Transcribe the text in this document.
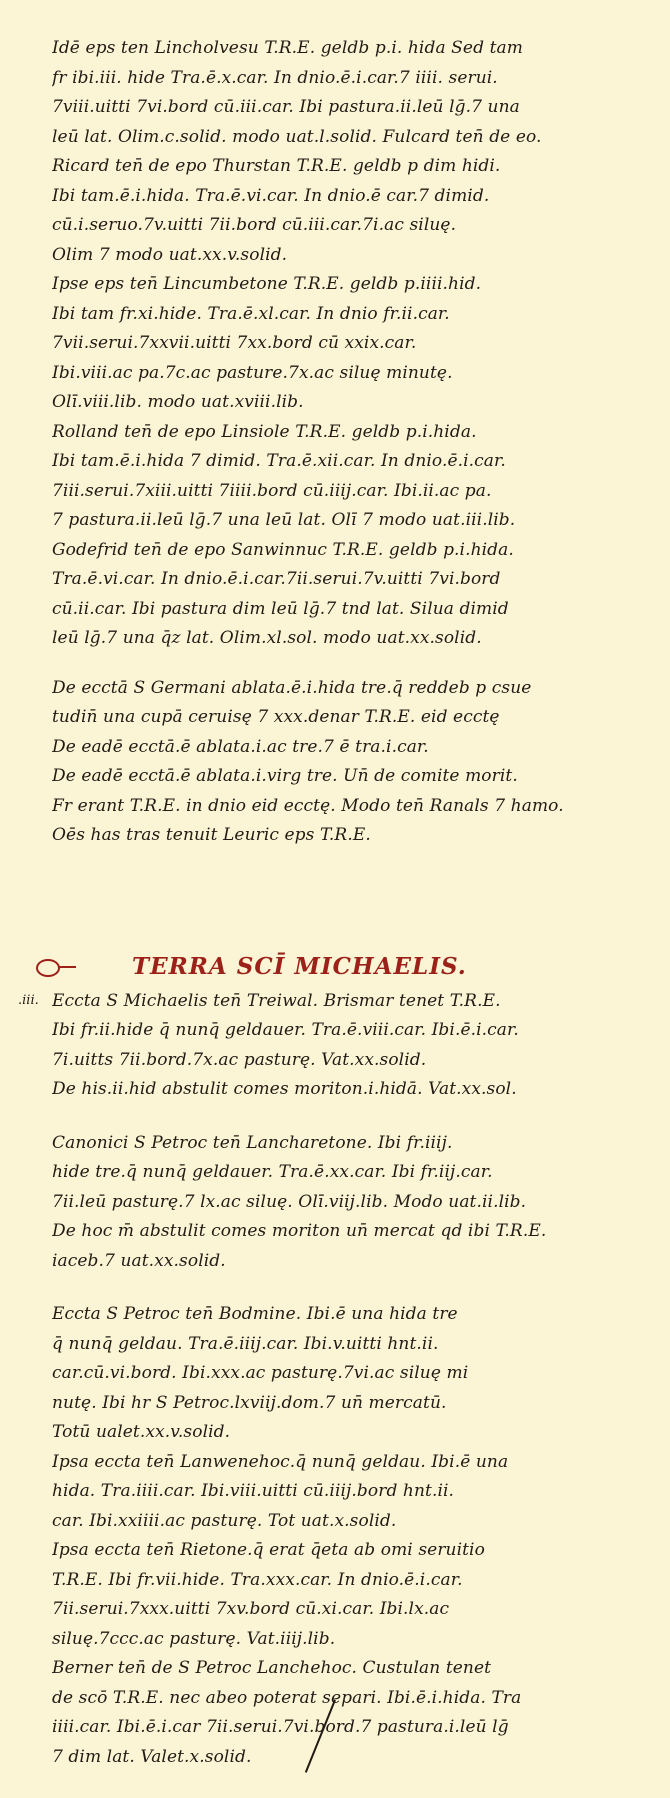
Idē eps ten Lincholvesu T.R.E. geldb p.i. hida Sed tam
fr ibi.iii. hide Tra.ē.x.car. In dnio.ē.i.car.7 iiii. serui.
7viii.uitti 7vi.bord cū.iii.car. Ibi pastura.ii.leū lḡ.7 una
leū lat. Olim.c.solid. modo uat.l.solid. Fulcard ten̄ de eo.
Ricard ten̄ de epo Thurstan T.R.E. geldb p dim hidi.
Ibi tam.ē.i.hida. Tra.ē.vi.car. In dnio.ē car.7 dimid.
cū.i.seruo.7v.uitti 7ii.bord cū.iii.car.7i.ac siluę.
Olim 7 modo uat.xx.v.solid.
Ipse eps ten̄ Lincumbetone T.R.E. geldb p.iiii.hid.
Ibi tam fr.xi.hide. Tra.ē.xl.car. In dnio fr.ii.car.
7vii.serui.7xxvii.uitti 7xx.bord cū xxix.car.
Ibi.viii.ac pa.7c.ac pasture.7x.ac siluę minutę.
Olī.viii.lib. modo uat.xviii.lib.
Rolland ten̄ de epo Linsiole T.R.E. geldb p.i.hida.
Ibi tam.ē.i.hida 7 dimid. Tra.ē.xii.car. In dnio.ē.i.car.
7iii.serui.7xiii.uitti 7iiii.bord cū.iiij.car. Ibi.ii.ac pa.
7 pastura.ii.leū lḡ.7 una leū lat. Olī 7 modo uat.iii.lib.
Godefrid ten̄ de epo Sanwinnuc T.R.E. geldb p.i.hida.
Tra.ē.vi.car. In dnio.ē.i.car.7ii.serui.7v.uitti 7vi.bord
cū.ii.car. Ibi pastura dim leū lḡ.7 tnd lat. Silua dimid
leū lḡ.7 una q̄z lat. Olim.xl.sol. modo uat.xx.solid.
De ecctā S Germani ablata.ē.i.hida tre.q̄ reddeb p csue
tudin̄ una cupā ceruisę 7 xxx.denar T.R.E. eid ecctę
De eadē ecctā.ē ablata.i.ac tre.7 ē tra.i.car.
De eadē ecctā.ē ablata.i.virg tre. Un̄ de comite morit.
Fr erant T.R.E. in dnio eid ecctę. Modo ten̄ Ranals 7 hamo.
Oēs has tras tenuit Leuric eps T.R.E.
TERRA SCĪ MICHAELIS.
.iii. Eccta S Michaelis ten̄ Treiwal. Brismar tenet T.R.E.
Ibi fr.ii.hide q̄ nunq̄ geldauer. Tra.ē.viii.car. Ibi.ē.i.car.
7i.uitts 7ii.bord.7x.ac pasturę. Vat.xx.solid.
De his.ii.hid abstulit comes moriton.i.hidā. Vat.xx.sol.
Canonici S Petroc ten̄ Lancharetone. Ibi fr.iiij.
hide tre.q̄ nunq̄ geldauer. Tra.ē.xx.car. Ibi fr.iij.car.
7ii.leū pasturę.7 lx.ac siluę. Olī.viij.lib. Modo uat.ii.lib.
De hoc m̄ abstulit comes moriton un̄ mercat qd ibi T.R.E.
iaceb.7 uat.xx.solid.
Eccta S Petroc ten̄ Bodmine. Ibi.ē una hida tre
q̄ nunq̄ geldau. Tra.ē.iiij.car. Ibi.v.uitti hnt.ii.
car.cū.vi.bord. Ibi.xxx.ac pasturę.7vi.ac siluę mi
nutę. Ibi hr S Petroc.lxviij.dom.7 un̄ mercatū.
Totū ualet.xx.v.solid.
Ipsa eccta ten̄ Lanwenehoc.q̄ nunq̄ geldau. Ibi.ē una
hida. Tra.iiii.car. Ibi.viii.uitti cū.iiij.bord hnt.ii.
car. Ibi.xxiiii.ac pasturę. Tot uat.x.solid.
Ipsa eccta ten̄ Rietone.q̄ erat q̄eta ab omi seruitio
T.R.E. Ibi fr.vii.hide. Tra.xxx.car. In dnio.ē.i.car.
7ii.serui.7xxx.uitti 7xv.bord cū.xi.car. Ibi.lx.ac
siluę.7ccc.ac pasturę. Vat.iiij.lib.
Berner ten̄ de S Petroc Lanchehoc. Custulan tenet
de scō T.R.E. nec abeo poterat separi. Ibi.ē.i.hida. Tra
iiii.car. Ibi.ē.i.car 7ii.serui.7vi.bord.7 pastura.i.leū lḡ
7 dim lat. Valet.x.solid.
